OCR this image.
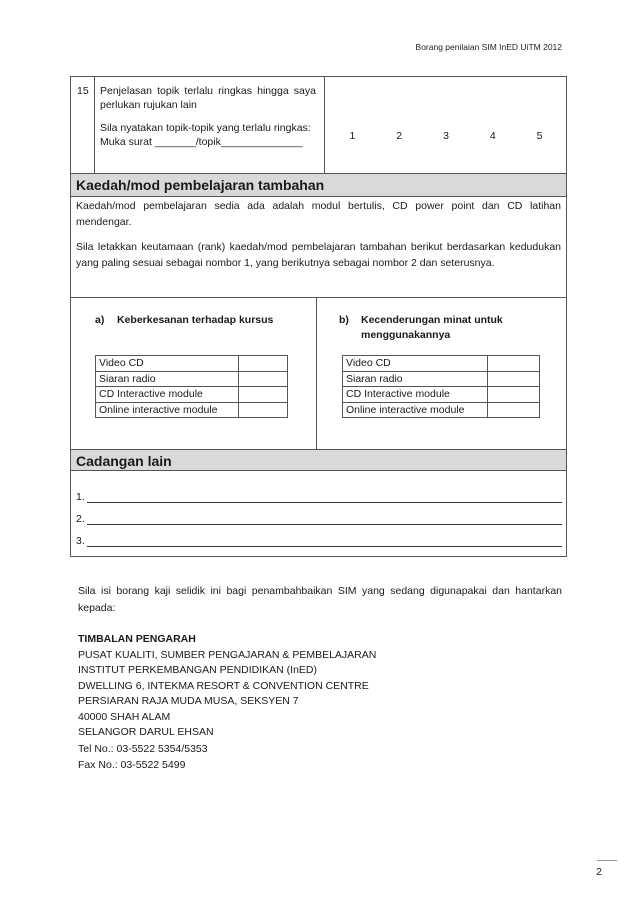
Borang penilaian SIM InED UiTM 2012
15 Penjelasan topik terlalu ringkas hingga saya perlukan rujukan lain

Sila nyatakan topik-topik yang terlalu ringkas:

Muka surat _______/topik______________	1	2	3	4	5
Kaedah/mod pembelajaran tambahan

Kaedah/mod pembelajaran sedia ada adalah modul bertulis, CD power point dan CD latihan mendengar.

Sila letakkan keutamaan (rank) kaedah/mod pembelajaran tambahan berikut berdasarkan kedudukan yang paling sesuai sebagai nombor 1, yang berikutnya sebagai nombor 2 dan seterusnya.

a) Keberkesanan terhadap kursus	b) Kecenderungan minat untuk
menggunakannya
Video CD	
Siaran radio	
CD Interactive module	
Online interactive module	
Video CD	
Siaran radio	
CD Interactive module	
Online interactive module	
Cadangan lain
1.
2.
3.

Sila isi borang kaji selidik ini bagi penambahbaikan SIM yang sedang digunapakai dan hantarkan kepada:

TIMBALAN PENGARAH
PUSAT KUALITI, SUMBER PENGAJARAN & PEMBELAJARAN
INSTITUT PERKEMBANGAN PENDIDIKAN (InED)
DWELLING 6, INTEKMA RESORT & CONVENTION CENTRE
PERSIARAN RAJA MUDA MUSA, SEKSYEN 7
40000 SHAH ALAM
SELANGOR DARUL EHSAN
Tel No.: 03-5522 5354/5353
Fax No.: 03-5522 5499
2
